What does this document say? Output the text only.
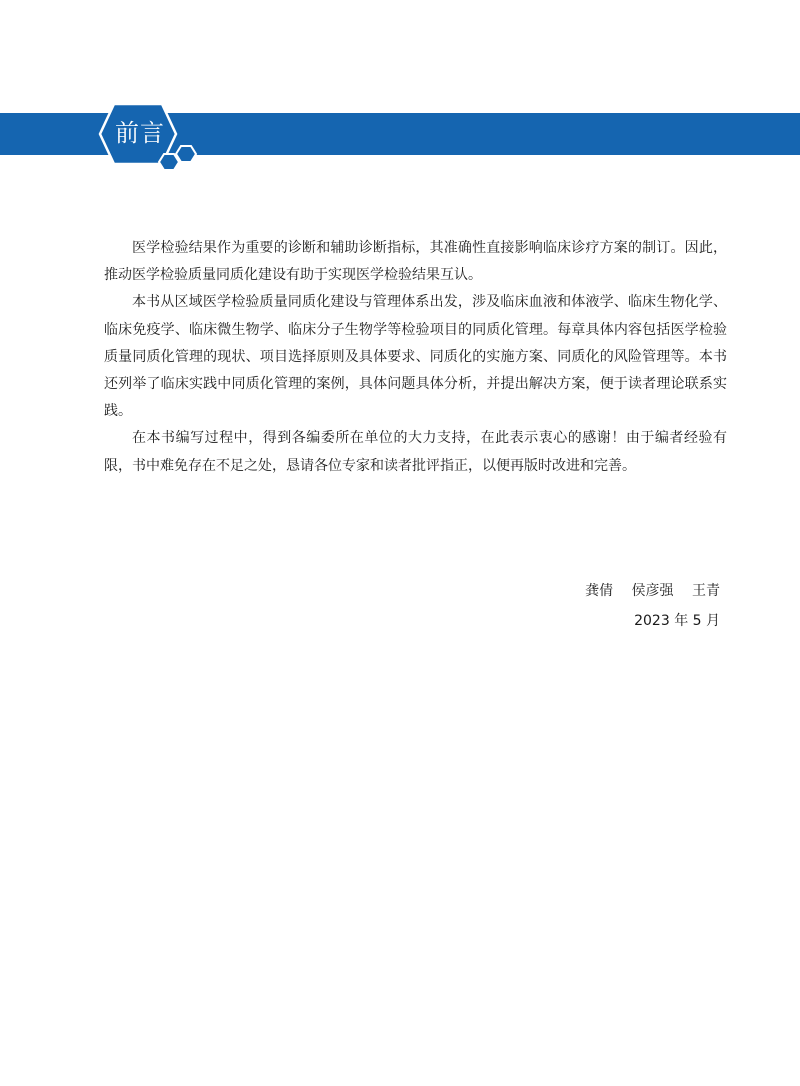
前言

医学检验结果作为重要的诊断和辅助诊断指标，其准确性直接影响临床诊疗方案的制订。因此，推动医学检验质量同质化建设有助于实现医学检验结果互认。

本书从区域医学检验质量同质化建设与管理体系出发，涉及临床血液和体液学、临床生物化学、临床免疫学、临床微生物学、临床分子生物学等检验项目的同质化管理。每章具体内容包括医学检验质量同质化管理的现状、项目选择原则及具体要求、同质化的实施方案、同质化的风险管理等。本书还列举了临床实践中同质化管理的案例，具体问题具体分析，并提出解决方案，便于读者理论联系实践。

在本书编写过程中，得到各编委所在单位的大力支持，在此表示衷心的感谢！由于编者经验有限，书中难免存在不足之处，恳请各位专家和读者批评指正，以便再版时改进和完善。

龚倩 侯彦强 王青
2023 年 5 月
